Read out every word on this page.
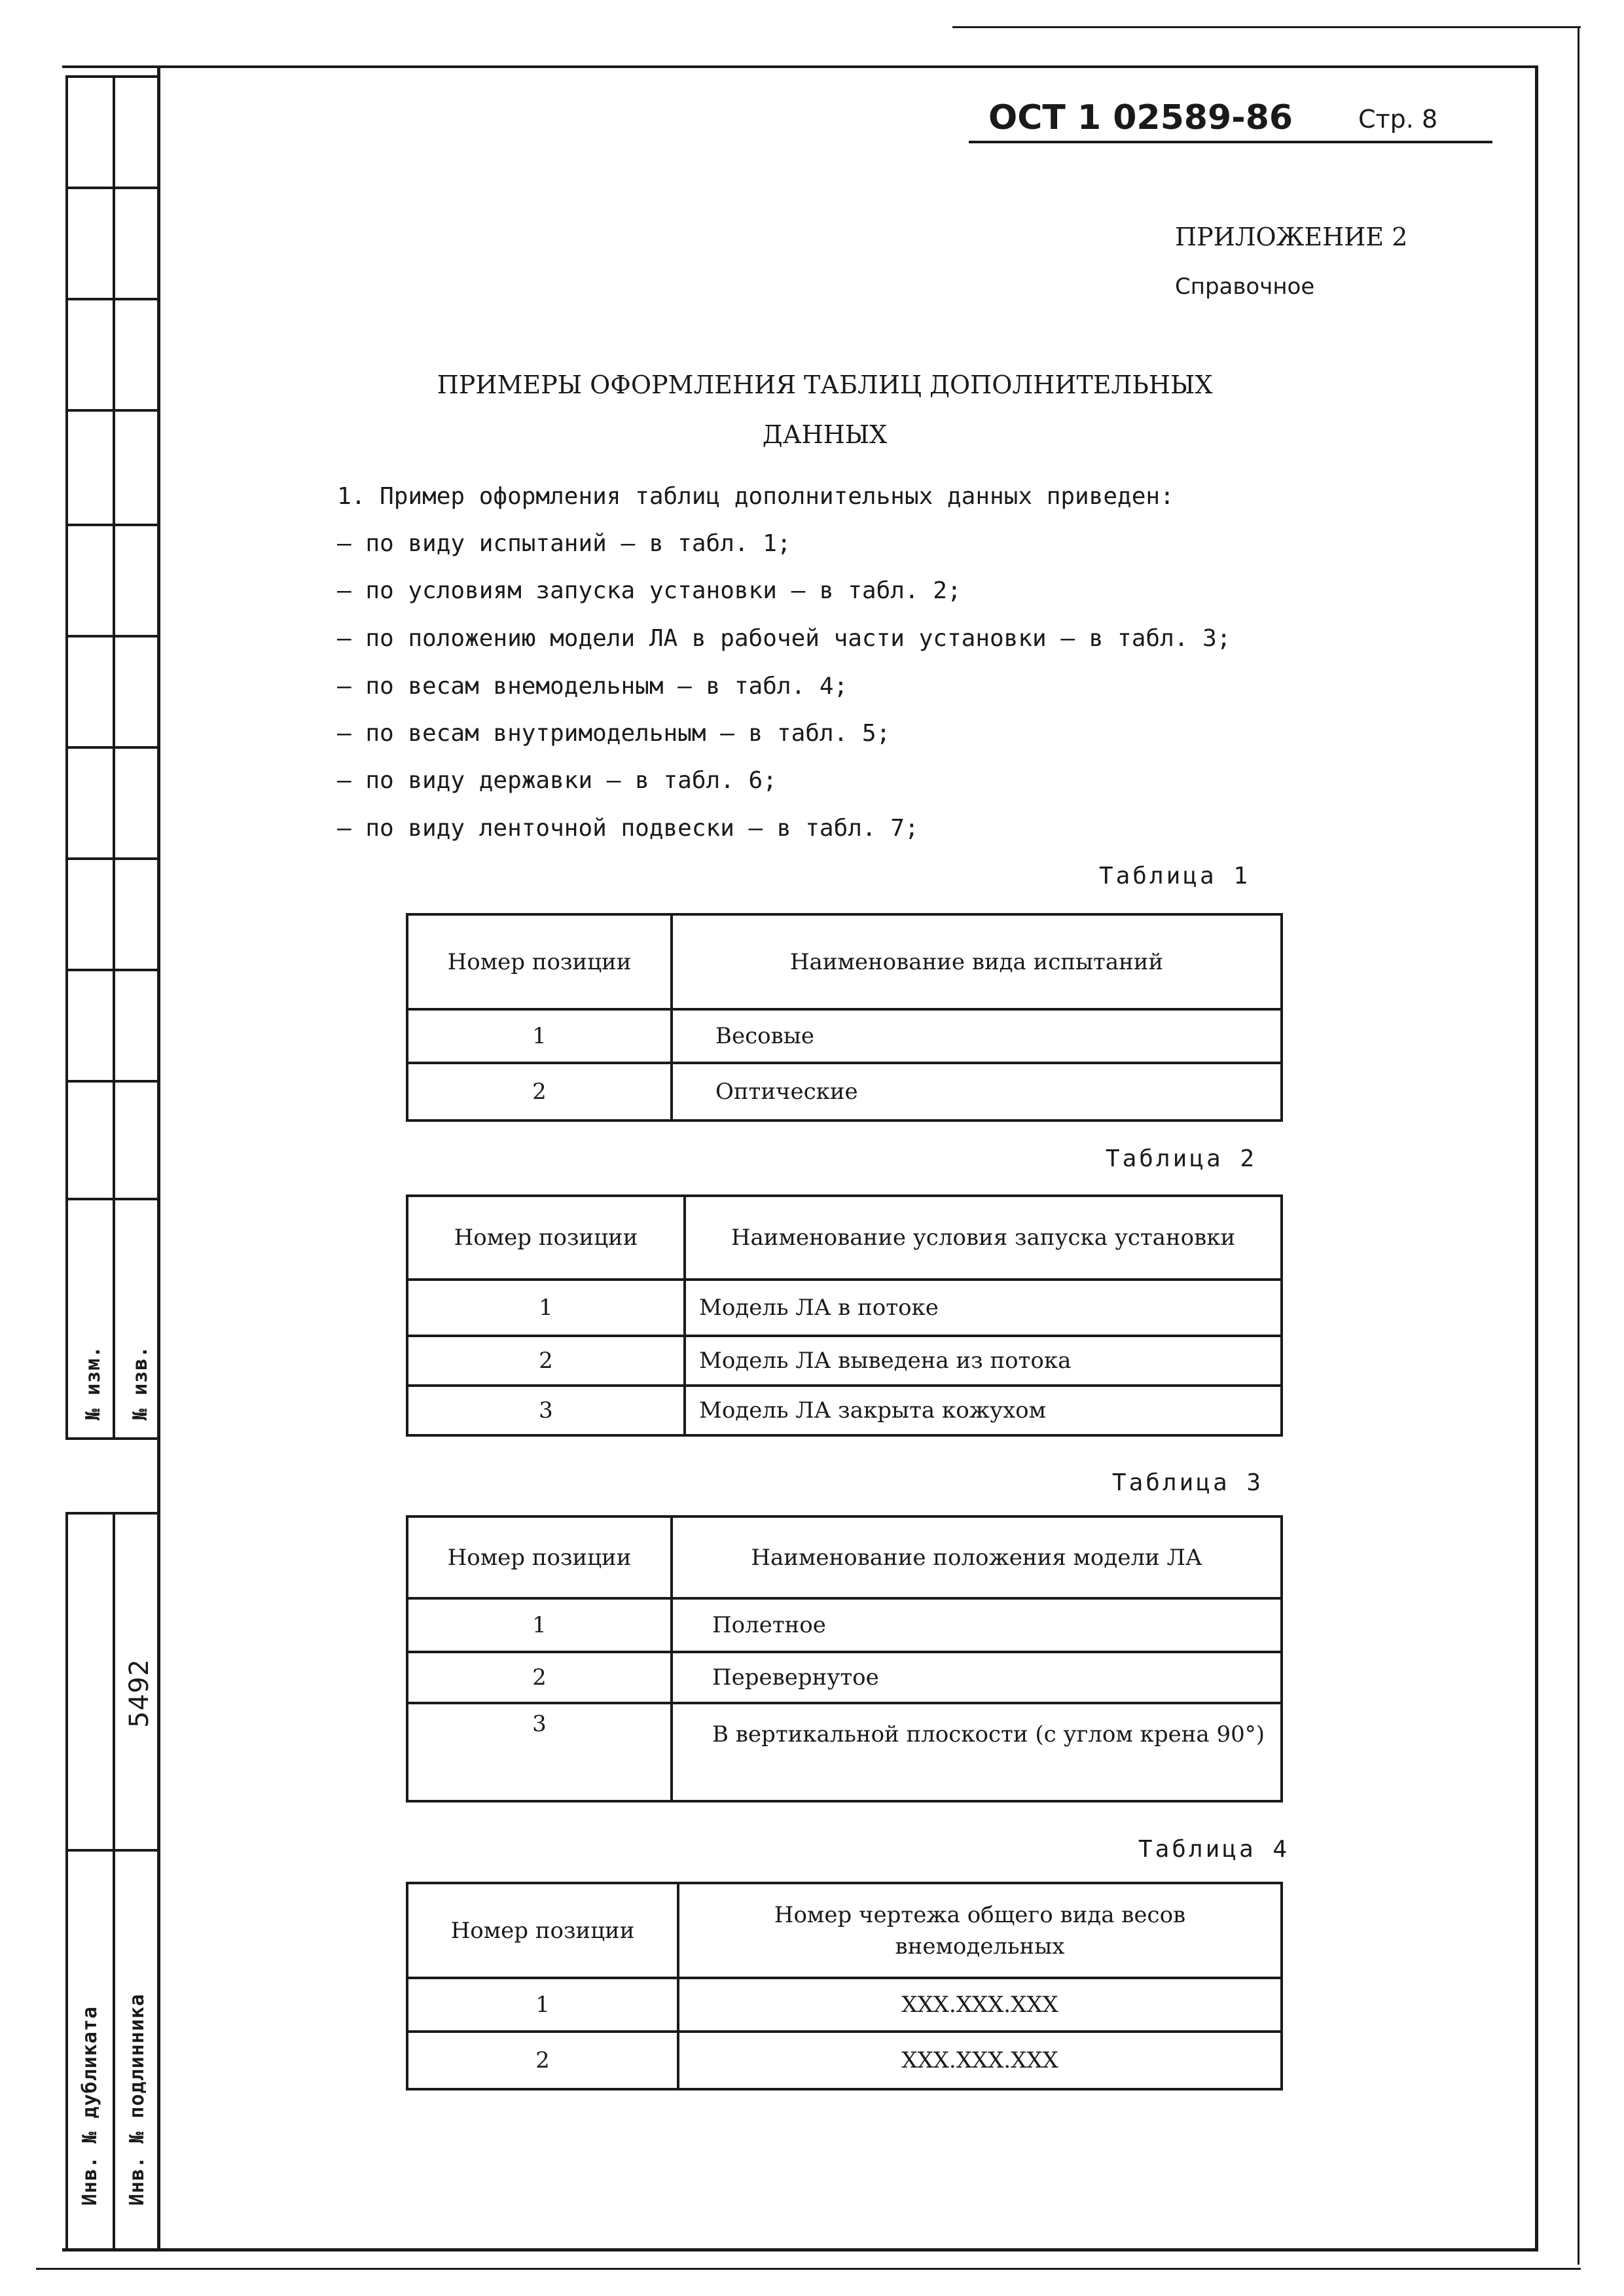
№ изм. № изв.
5492
Инв. № дубликата Инв. № подлинника
ОСТ 1 02589-86	Стр. 8
ПРИЛОЖЕНИЕ 2
Справочное
ПРИМЕРЫ ОФОРМЛЕНИЯ ТАБЛИЦ ДОПОЛНИТЕЛЬНЫХ
ДАННЫХ
1. Пример оформления таблиц дополнительных данных приведен:
– по виду испытаний – в табл. 1;
– по условиям запуска установки – в табл. 2;
– по положению модели ЛА в рабочей части установки – в табл. 3;
– по весам внемодельным – в табл. 4;
– по весам внутримодельным – в табл. 5;
– по виду державки – в табл. 6;
– по виду ленточной подвески – в табл. 7;
Таблица 1
Номер позиции	Наименование вида испытаний
1	Весовые
2	Оптические
Таблица 2
Номер позиции	Наименование условия запуска установки
1	Модель ЛА в потоке
2	Модель ЛА выведена из потока
3	Модель ЛА закрыта кожухом
Таблица 3
Номер позиции	Наименование положения модели ЛА
1	Полетное
2	Перевернутое
3	В вертикальной плоскости (с углом крена 90°)
Таблица 4
Номер позиции	Номер чертежа общего вида весов внемодельных
1	XXX.XXX.XXX
2	XXX.XXX.XXX
